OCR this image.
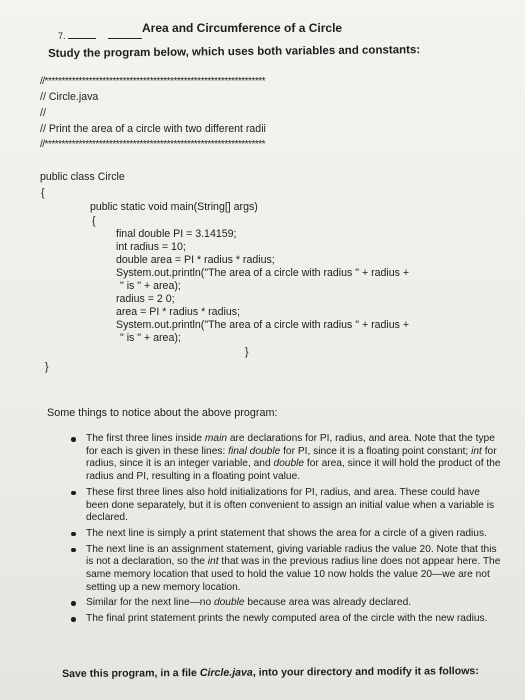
7.
Area and Circumference of a Circle
Study the program below, which uses both variables and constants:
//*****************************************************************
// Circle.java
//
// Print the area of a circle with two different radii
//*****************************************************************
public class Circle
{
public static void main(String[] args)
{
final double PI = 3.14159;
int radius = 10;
double area = PI * radius * radius;
System.out.println("The area of a circle with radius " + radius +
" is " + area);
radius = 2 0;
area = PI * radius * radius;
System.out.println("The area of a circle with radius " + radius +
" is " + area);
}
}
Some things to notice about the above program:
The first three lines inside main are declarations for PI, radius, and area. Note that the type for each is given in these lines: final double for PI, since it is a floating point constant; int for radius, since it is an integer variable, and double for area, since it will hold the product of the radius and PI, resulting in a floating point value.
These first three lines also hold initializations for PI, radius, and area. These could have been done separately, but it is often convenient to assign an initial value when a variable is declared.
The next line is simply a print statement that shows the area for a circle of a given radius.
The next line is an assignment statement, giving variable radius the value 20. Note that this is not a declaration, so the int that was in the previous radius line does not appear here. The same memory location that used to hold the value 10 now holds the value 20—we are not setting up a new memory location.
Similar for the next line—no double because area was already declared.
The final print statement prints the newly computed area of the circle with the new radius.
Save this program, in a file Circle.java, into your directory and modify it as follows:
